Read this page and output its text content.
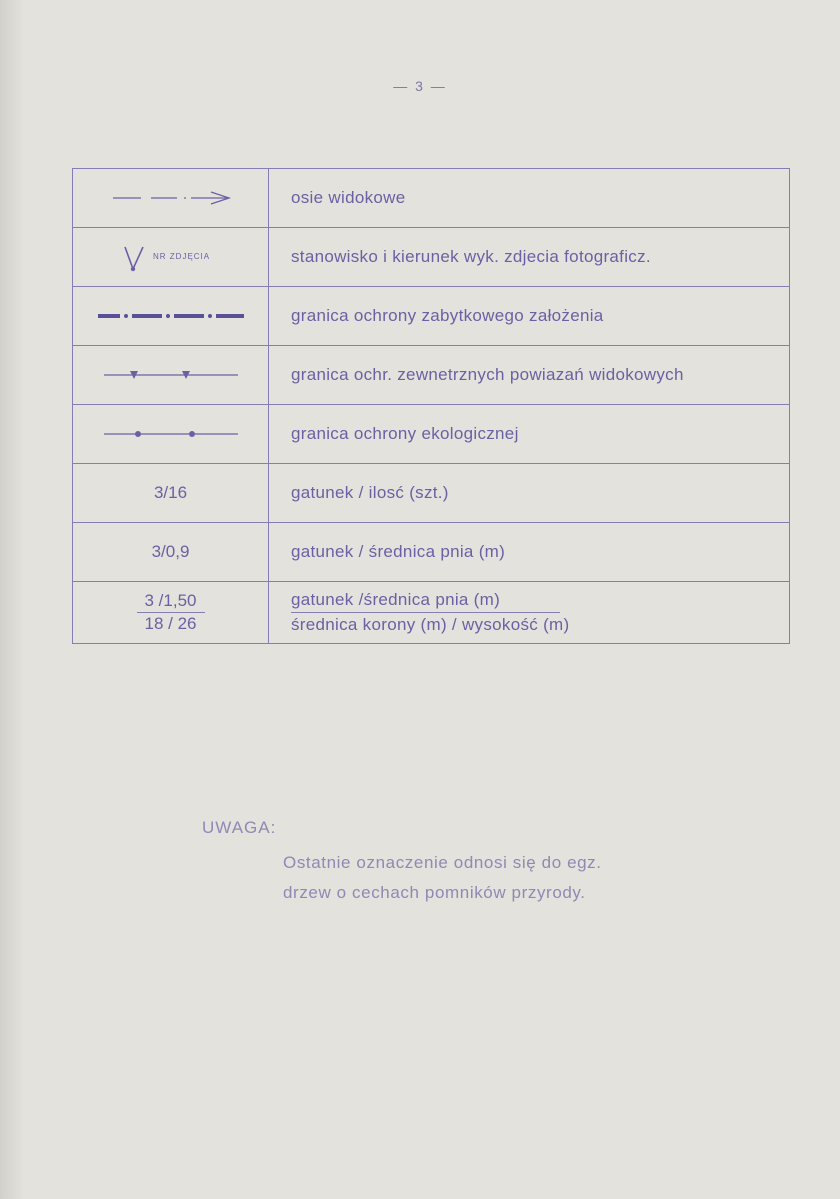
— 3 —
	osie widokowe

NR ZDJĘCIA	stanowisko i kierunek wyk. zdjecia fotograficz.

	granica ochrony zabytkowego założenia

	granica ochr. zewnetrznych powiazań widokowych

	granica ochrony ekologicznej
3/16	gatunek / ilosć (szt.)
3/0,9	gatunek / średnica pnia (m)
3 /1,50
18 / 26	gatunek /średnica pnia (m)
średnica korony (m) / wysokość (m)
UWAGA:
Ostatnie oznaczenie odnosi się do egz.
drzew o cechach pomników przyrody.
